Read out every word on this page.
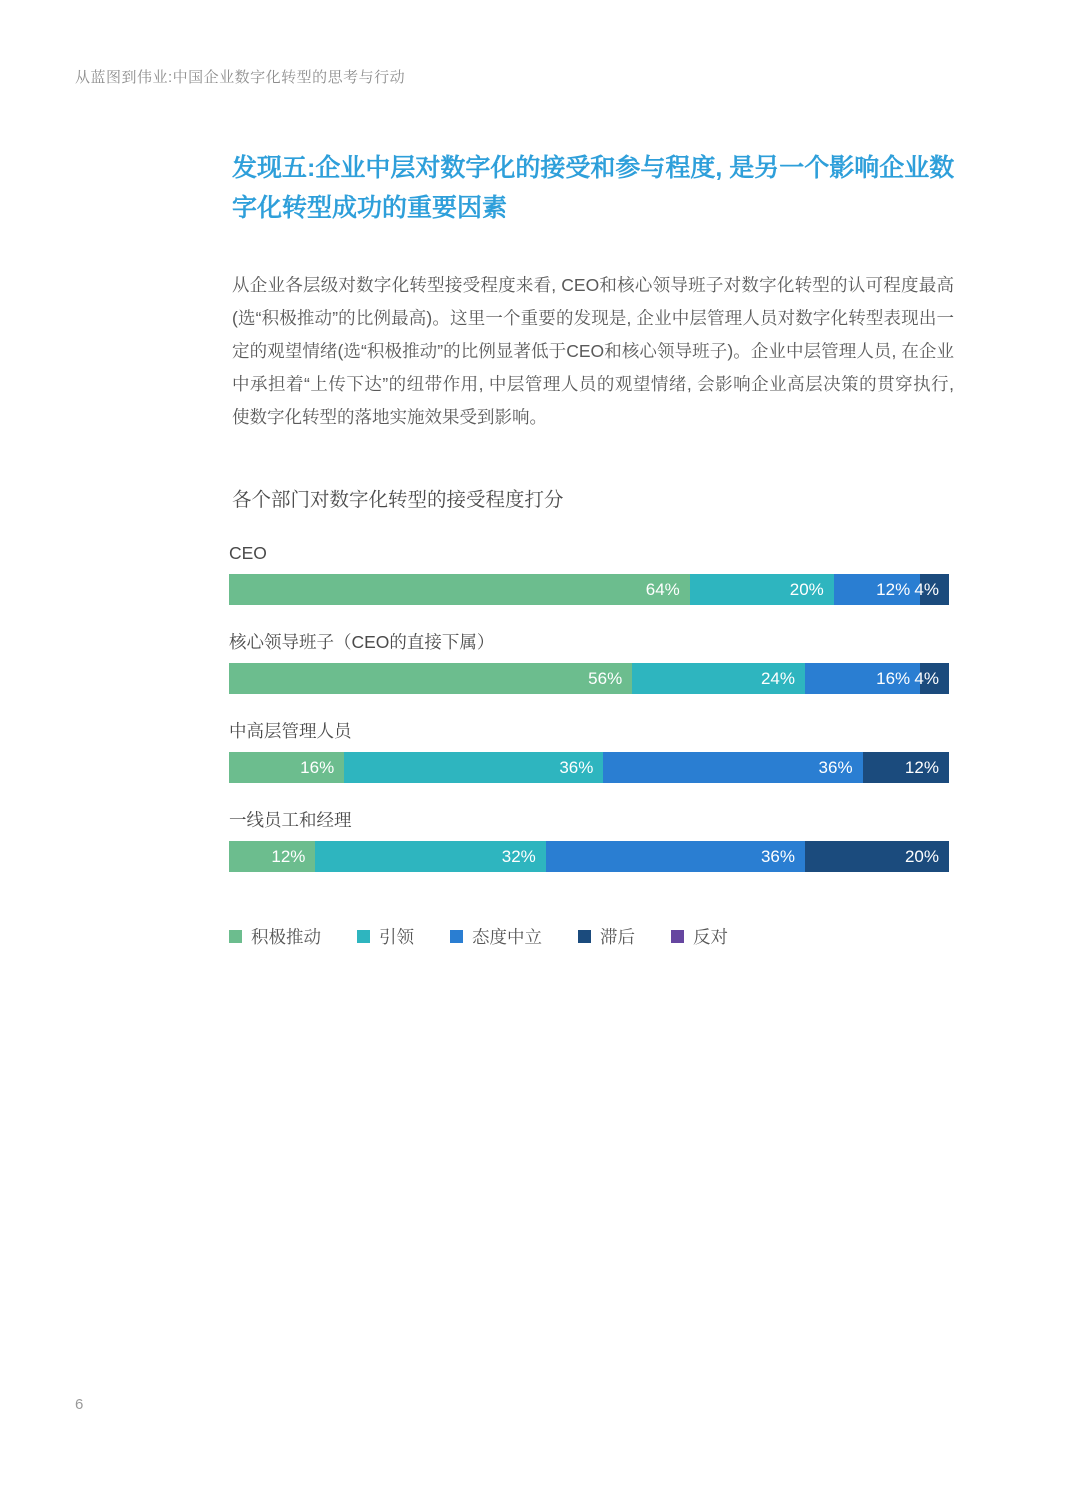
从蓝图到伟业:中国企业数字化转型的思考与行动
发现五:企业中层对数字化的接受和参与程度, 是另一个影响企业数字化转型成功的重要因素

从企业各层级对数字化转型接受程度来看, CEO和核心领导班子对数字化转型的认可程度最高(选“积极推动”的比例最高)。这里一个重要的发现是, 企业中层管理人员对数字化转型表现出一定的观望情绪(选“积极推动”的比例显著低于CEO和核心领导班子)。企业中层管理人员, 在企业中承担着“上传下达”的纽带作用, 中层管理人员的观望情绪, 会影响企业高层决策的贯穿执行, 使数字化转型的落地实施效果受到影响。

各个部门对数字化转型的接受程度打分
CEO
64%	20%	12% 4%
核心领导班子（CEO的直接下属）
56%	24%	16% 4%
中高层管理人员
16%	36%	36%	12%
一线员工和经理
12%	32%	36%	20%
积极推动	引领	态度中立	滞后	反对
6
